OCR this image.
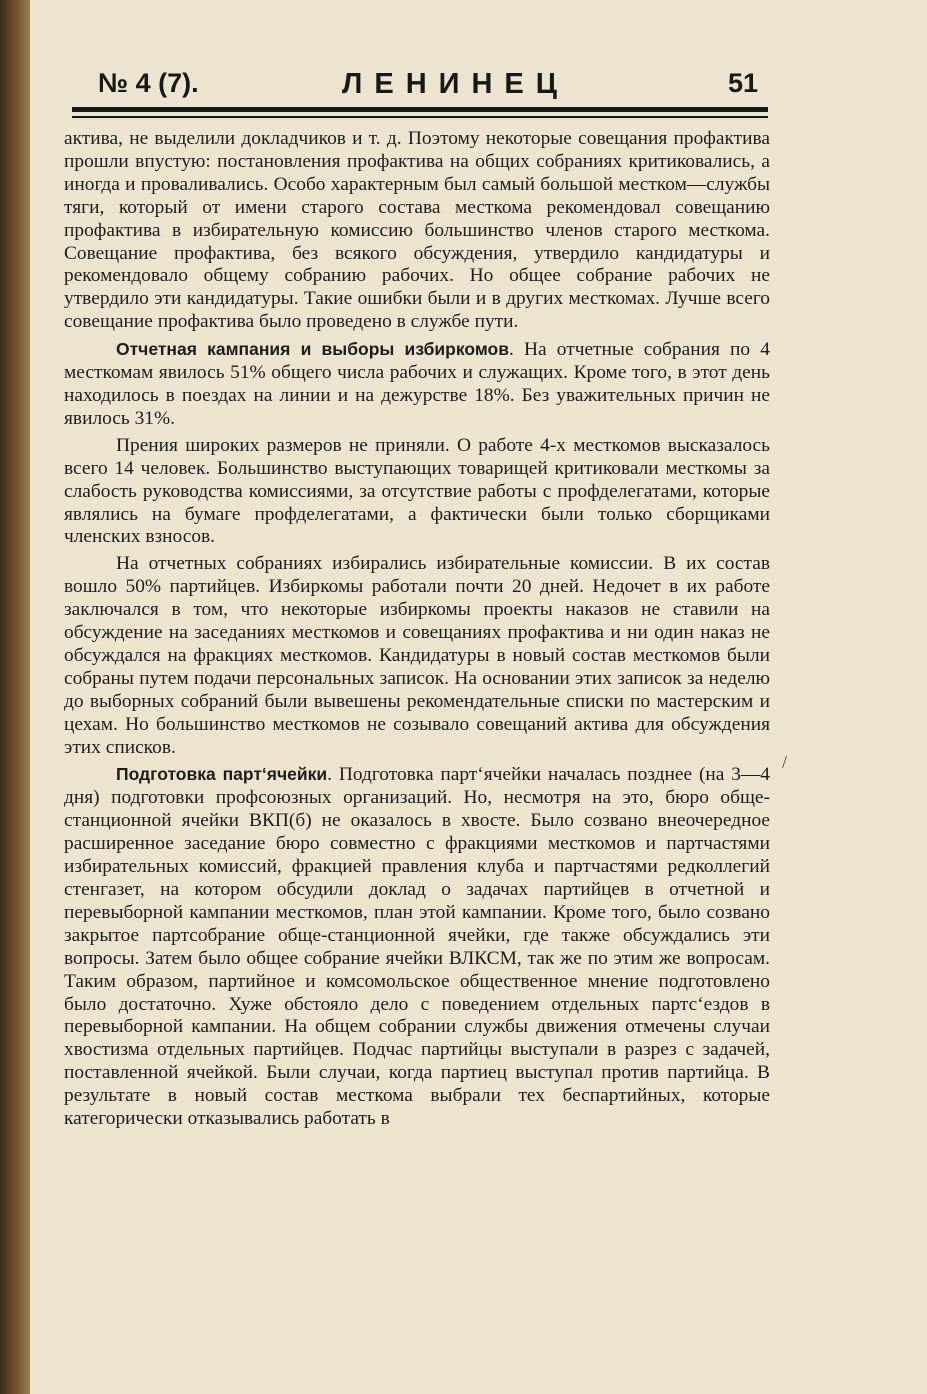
№ 4 (7).	ЛЕНИНЕЦ	51

актива, не выделили докладчиков и т. д. Поэтому некоторые совещания профактива прошли впустую: постановления профактива на общих собраниях критиковались, а иногда и проваливались. Особо характерным был самый большой местком—службы тяги, который от имени старого состава месткома рекомендовал совещанию профактива в избирательную комиссию большинство членов старого месткома. Совещание профактива, без всякого обсуждения, утвердило кандидатуры и рекомендовало общему собранию рабочих. Но общее собрание рабочих не утвердило эти кандидатуры. Такие ошибки были и в других месткомах. Лучше всего совещание профактива было проведено в службе пути.

Отчетная кампания и выборы избиркомов. На отчетные собрания по 4 месткомам явилось 51% общего числа рабочих и служащих. Кроме того, в этот день находилось в поездах на линии и на дежурстве 18%. Без уважительных причин не явилось 31%.

Прения широких размеров не приняли. О работе 4-х месткомов высказалось всего 14 человек. Большинство выступающих товарищей критиковали месткомы за слабость руководства комиссиями, за отсутствие работы с профделегатами, которые являлись на бумаге профделегатами, а фактически были только сборщиками членских взносов.

На отчетных собраниях избирались избирательные комиссии. В их состав вошло 50% партийцев. Избиркомы работали почти 20 дней. Недочет в их работе заключался в том, что некоторые избиркомы проекты наказов не ставили на обсуждение на заседаниях месткомов и совещаниях профактива и ни один наказ не обсуждался на фракциях месткомов. Кандидатуры в новый состав месткомов были собраны путем подачи персональных записок. На основании этих записок за неделю до выборных собраний были вывешены рекомендательные списки по мастерским и цехам. Но большинство месткомов не созывало совещаний актива для обсуждения этих списков.

Подготовка парт‘ячейки. Подготовка парт‘ячейки началась позднее (на 3—4 дня) подготовки профсоюзных организаций. Но, несмотря на это, бюро обще-станционной ячейки ВКП(б) не оказалось в хвосте. Было созвано внеочередное расширенное заседание бюро совместно с фракциями месткомов и партчастями избирательных комиссий, фракцией правления клуба и партчастями редколлегий стенгазет, на котором обсудили доклад о задачах партийцев в отчетной и перевыборной кампании месткомов, план этой кампании. Кроме того, было созвано закрытое партсобрание обще-станционной ячейки, где также обсуждались эти вопросы. Затем было общее собрание ячейки ВЛКСМ, так же по этим же вопросам. Таким образом, партийное и комсомольское общественное мнение подготовлено было достаточно. Хуже обстояло дело с поведением отдельных партс‘ездов в перевыборной кампании. На общем собрании службы движения отмечены случаи хвостизма отдельных партийцев. Подчас партийцы выступали в разрез с задачей, поставленной ячейкой. Были случаи, когда партиец выступал против партийца. В результате в новый состав месткома выбрали тех беспартийных, которые категорически отказывались работать в

/
